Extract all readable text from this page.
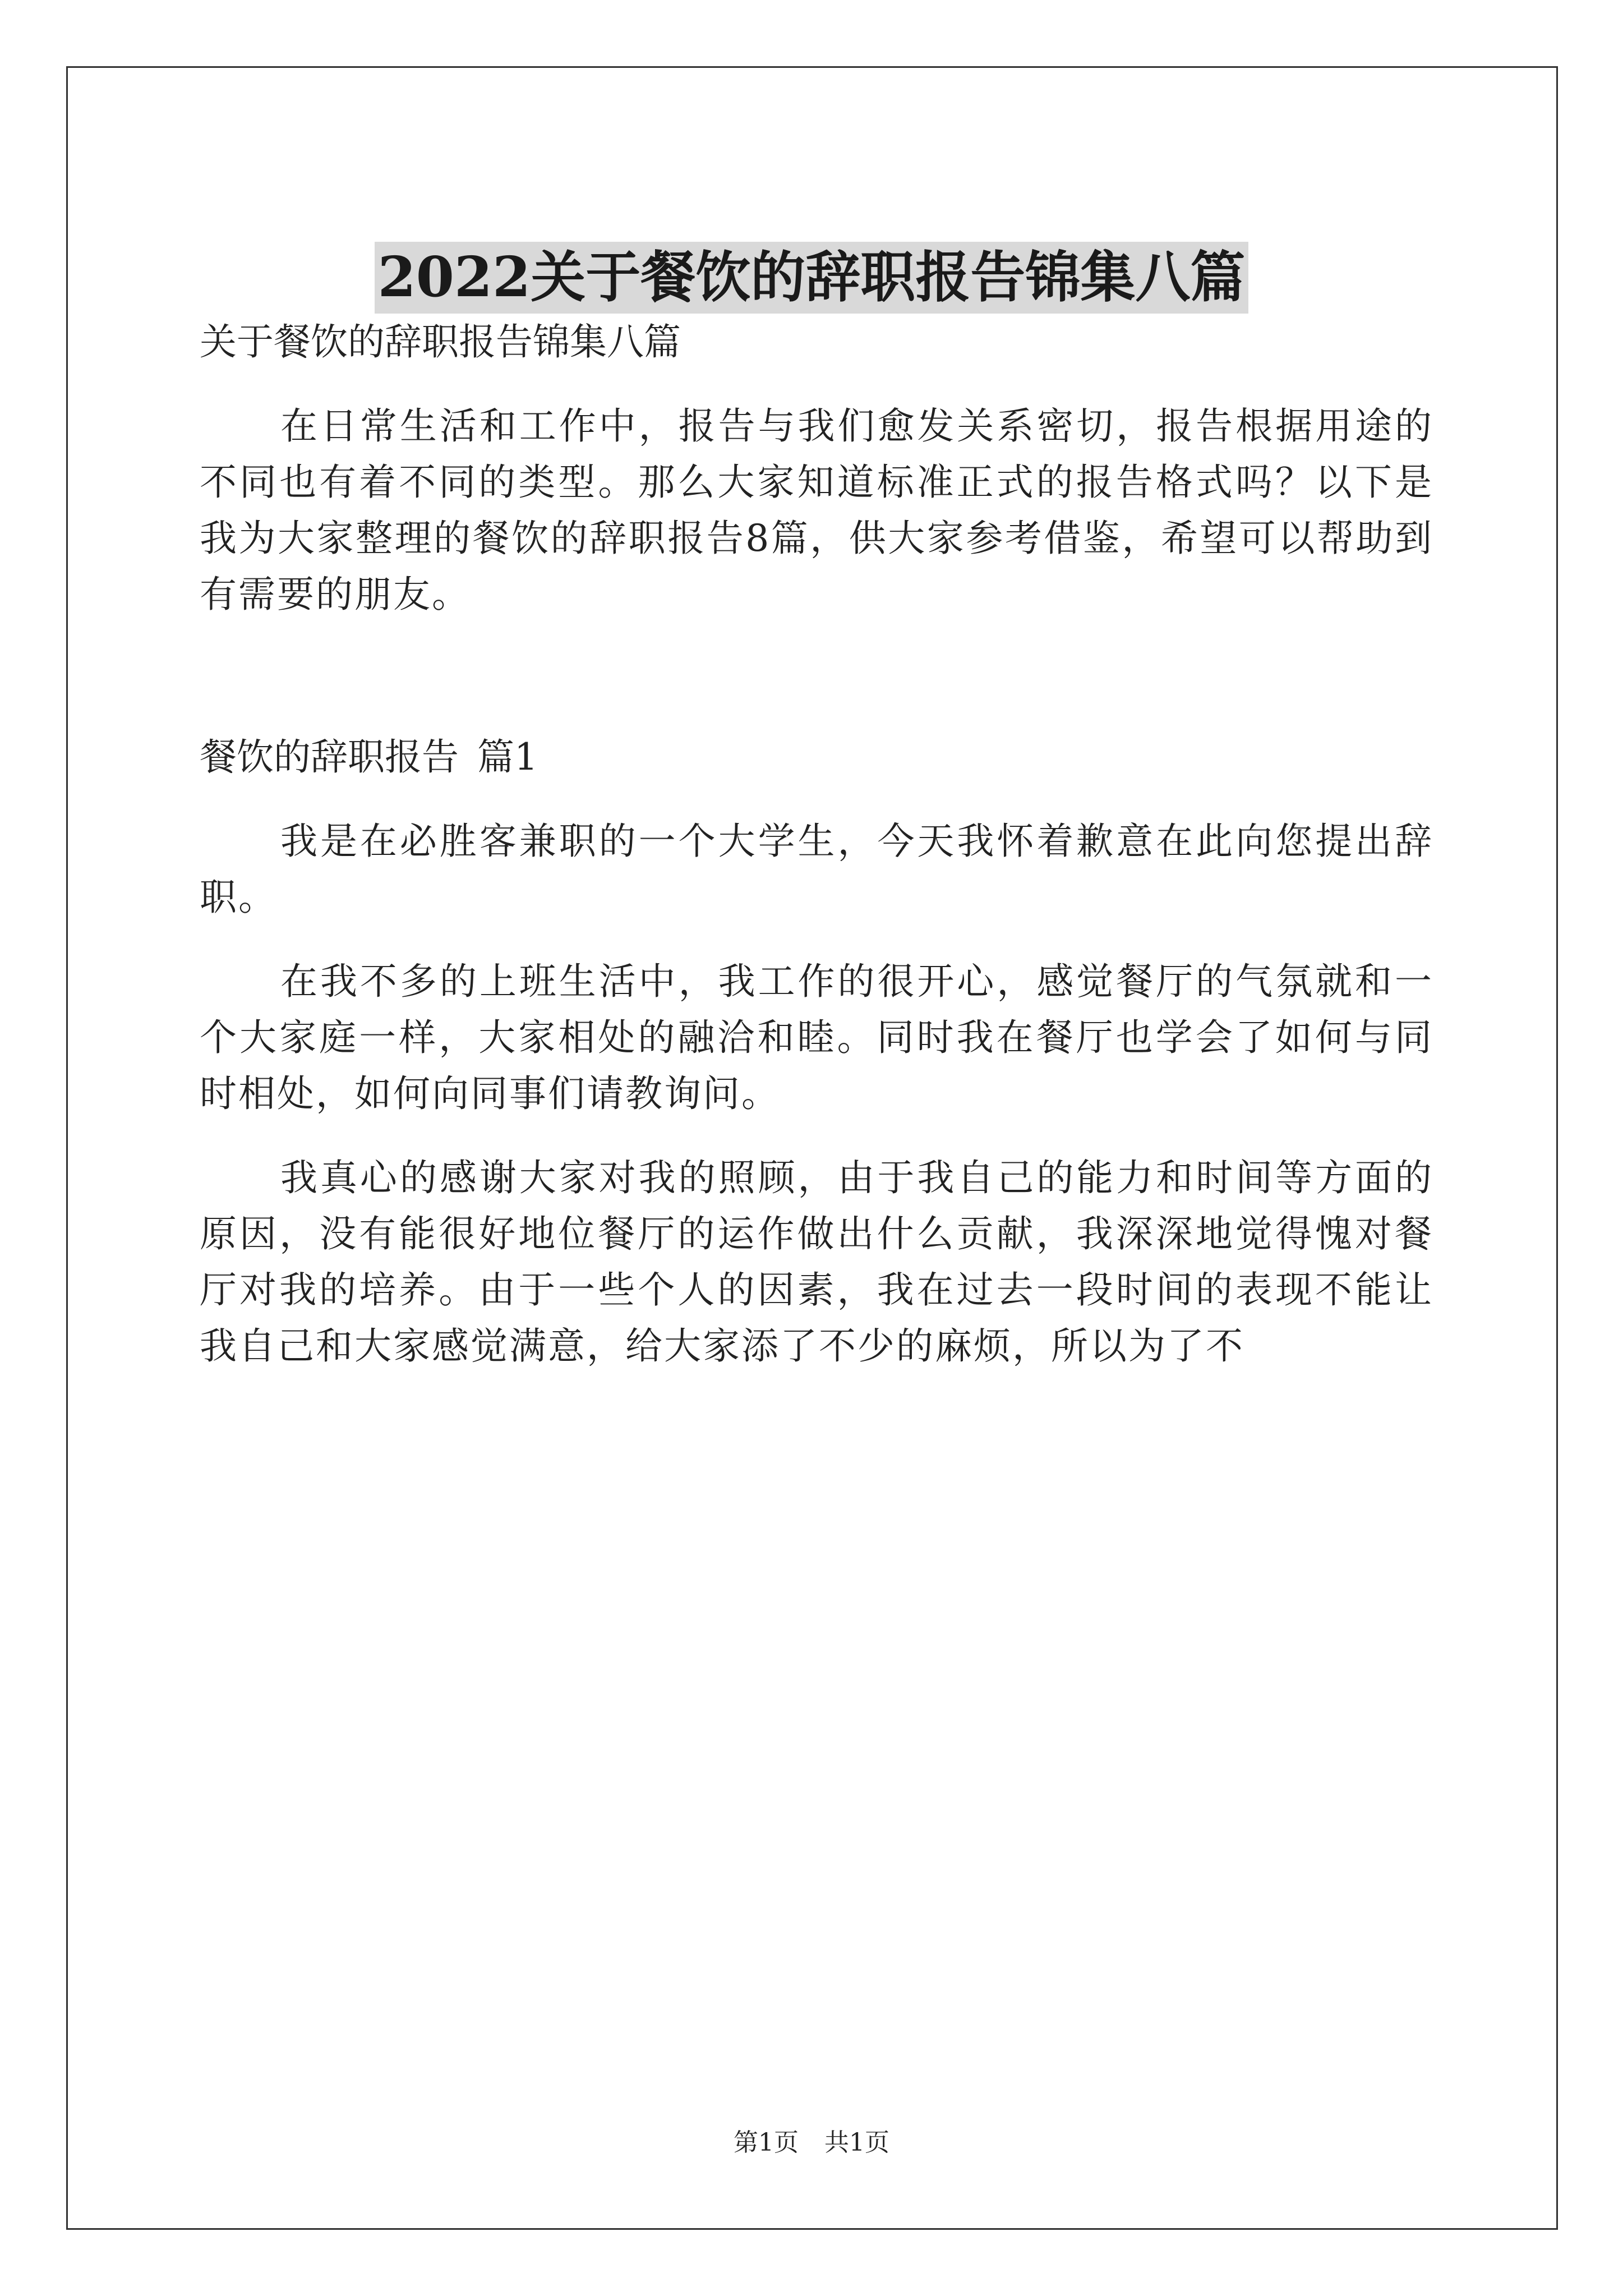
2022关于餐饮的辞职报告锦集八篇

关于餐饮的辞职报告锦集八篇

在日常生活和工作中，报告与我们愈发关系密切，报告根据用途的不同也有着不同的类型。那么大家知道标准正式的报告格式吗？以下是我为大家整理的餐饮的辞职报告8篇，供大家参考借鉴，希望可以帮助到有需要的朋友。

餐饮的辞职报告 篇1

我是在必胜客兼职的一个大学生，今天我怀着歉意在此向您提出辞职。

在我不多的上班生活中，我工作的很开心，感觉餐厅的气氛就和一个大家庭一样，大家相处的融洽和睦。同时我在餐厅也学会了如何与同时相处，如何向同事们请教询问。

我真心的感谢大家对我的照顾，由于我自己的能力和时间等方面的原因，没有能很好地位餐厅的运作做出什么贡献，我深深地觉得愧对餐厅对我的培养。由于一些个人的因素，我在过去一段时间的表现不能让我自己和大家感觉满意，给大家添了不少的麻烦，所以为了不

第1页 共1页
